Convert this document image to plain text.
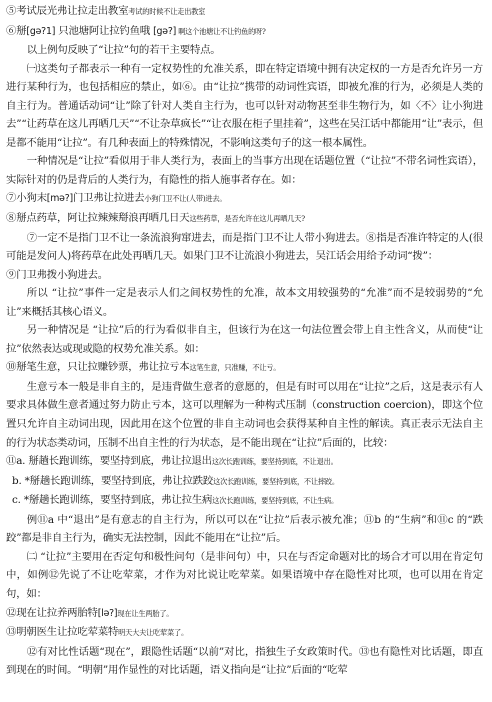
⑤考试辰光弗让拉走出教室考试的时候不让走出教室
⑥掰[gə?1] 只池塘阿让拉钓鱼哦 [gə?] 啊这个池塘让不让钓鱼的呀?

以上例句反映了“让拉”句的若干主要特点。

㈠这类句子都表示一种有一定权势性的允准关系，即在特定语境中拥有决定权的一方是否允许另一方进行某种行为，也包括相应的禁止，如⑥。由“让拉”携带的动词性宾语，即被允准的行为，必须是人类的自主行为。普通话动词“让”除了针对人类自主行为，也可以针对动物甚至非生物行为，如〈不〉让小狗进去”“让药草在这儿再晒几天”“不让杂草疯长”“让衣服在柜子里挂着”，这些在吴江话中都能用“让”表示，但是都不能用“让拉”。有几种表面上的特殊情况，不影响这类句子的这一根本属性。

一种情况是“让拉”看似用于非人类行为，表面上的当事方出现在话题位置（“让拉”不带名词性宾语），实际针对的仍是背后的人类行为，有隐性的指人施事者存在。如：

⑦小狗末[mə?]门卫弗让拉进去小狗门卫不让(人带)进去。
⑧掰点药草，阿让拉辣辣搿浪再晒几日天这些药草，是否允许在这儿再晒几天?

⑦一定不是指门卫不让一条流浪狗窜进去，而是指门卫不让人带小狗进去。⑧指是否准许特定的人(很可能是发问人)将药草在此处再晒几天。如果门卫不让流浪小狗进去，吴江话会用给予动词“拨”：

⑨门卫弗拨小狗进去。

所以 “让拉”事件一定是表示人们之间权势性的允准，故本文用较强势的“允准”而不是较弱势的“允让”来概括其核心语义。

另一种情况是 “让拉”后的行为看似非自主，但该行为在这一句法位置会带上自主性含义，从而使“让拉”依然表达或现或隐的权势允准关系。如：

⑩掰笔生意，只让拉赚钞票，弗让拉亏本这笔生意，只准赚，不让亏。

生意亏本一般是非自主的，是违背做生意者的意愿的，但是有时可以用在“让拉”之后，这是表示有人要求具体做生意者通过努力防止亏本，这可以理解为一种构式压制（construction coercion)，即这个位置只允许自主动词出现，因此用在这个位置的非自主动词也会获得某种自主性的解读。真正表示无法自主的行为状态类动词，压制不出自主性的行为状态，是不能出现在“让拉”后面的，比较：

⑪a. 掰趟长跑训练，要坚持到底，弗让拉退出这次长跑训练，要坚持到底，不让退出。
b. *掰趟长跑训练，要坚持到底，弗让拉跌跤这次长跑训练，要坚持到底，不让摔跤。
c. *掰趟长跑训练，要坚持到底，弗让拉生病这次长跑训练，要坚持到底，不让生病。

例⑪a 中“退出”是有意志的自主行为，所以可以在“让拉”后表示被允准；⑪b 的“生病”和⑪c 的“跌跤”都是非自主行为，确实无法控制，因此不能用在“让拉”后。

㈡ “让拉”主要用在否定句和极性问句（是非问句）中，只在与否定命题对比的场合才可以用在肯定句中，如例⑫先说了不让吃荤菜，才作为对比说让吃荤菜。如果语境中存在隐性对比项，也可以用在肯定句，如：

⑫现在让拉养两胎特[lə?]现在让生两胎了。
⑬明朝医生让拉吃荤菜特明天大夫让吃荤菜了。

⑫有对比性话题“现在”，跟隐性话题“以前”对比，指独生子女政策时代。⑬也有隐性对比话题，即直到现在的时间。“明朝”用作显性的对比话题，语义指向是“让拉”后面的“吃荤
